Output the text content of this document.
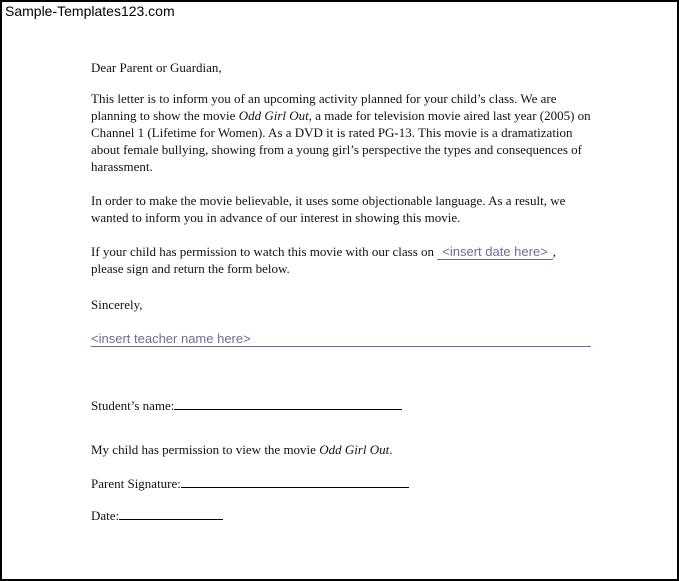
Sample-Templates123.com

Dear Parent or Guardian,

This letter is to inform you of an upcoming activity planned for your child’s class. We are planning to show the movie Odd Girl Out, a made for television movie aired last year (2005) on Channel 1 (Lifetime for Women). As a DVD it is rated PG-13. This movie is a dramatization about female bullying, showing from a young girl’s perspective the types and consequences of harassment.

In order to make the movie believable, it uses some objectionable language. As a result, we wanted to inform you in advance of our interest in showing this movie.

If your child has permission to watch this movie with our class on <insert date here> , please sign and return the form below.

Sincerely,
<insert teacher name here>
Student’s name:
My child has permission to view the movie Odd Girl Out.
Parent Signature:
Date:
